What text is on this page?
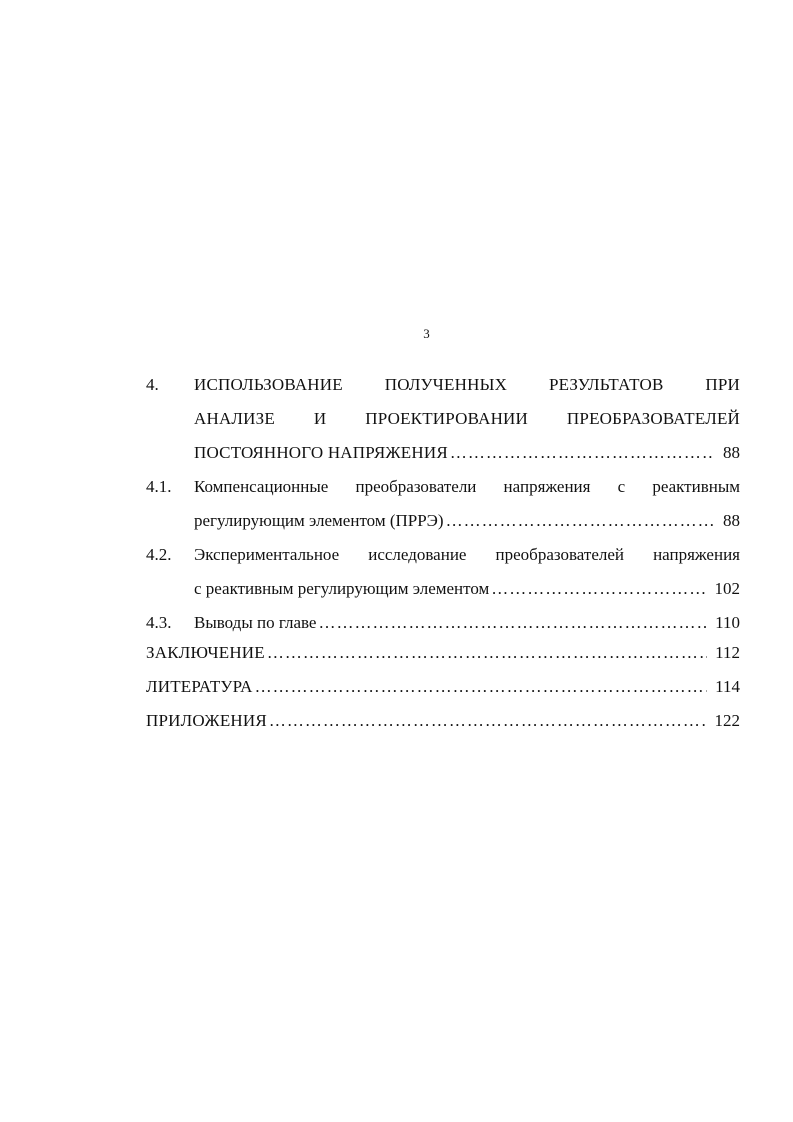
3
4. ИСПОЛЬЗОВАНИЕ ПОЛУЧЕННЫХ РЕЗУЛЬТАТОВ ПРИ
АНАЛИЗЕ И ПРОЕКТИРОВАНИИ ПРЕОБРАЗОВАТЕЛЕЙ
ПОСТОЯННОГО НАПРЯЖЕНИЯ ……………………………………………………………………………………………………………………………………………	88
4.1. Компенсационные преобразователи напряжения с реактивным
регулирующим элементом (ПРРЭ) ……………………………………………………………………………………………………………………………………………	88
4.2. Экспериментальное исследование преобразователей напряжения
с реактивным регулирующим элементом ……………………………………………………………………………………………………………………………………………	102
4.3. Выводы по главе ……………………………………………………………………………………………………………………………………………	110
ЗАКЛЮЧЕНИЕ ……………………………………………………………………………………………………………………………………………	112
ЛИТЕРАТУРА ……………………………………………………………………………………………………………………………………………	114
ПРИЛОЖЕНИЯ ……………………………………………………………………………………………………………………………………………	122
